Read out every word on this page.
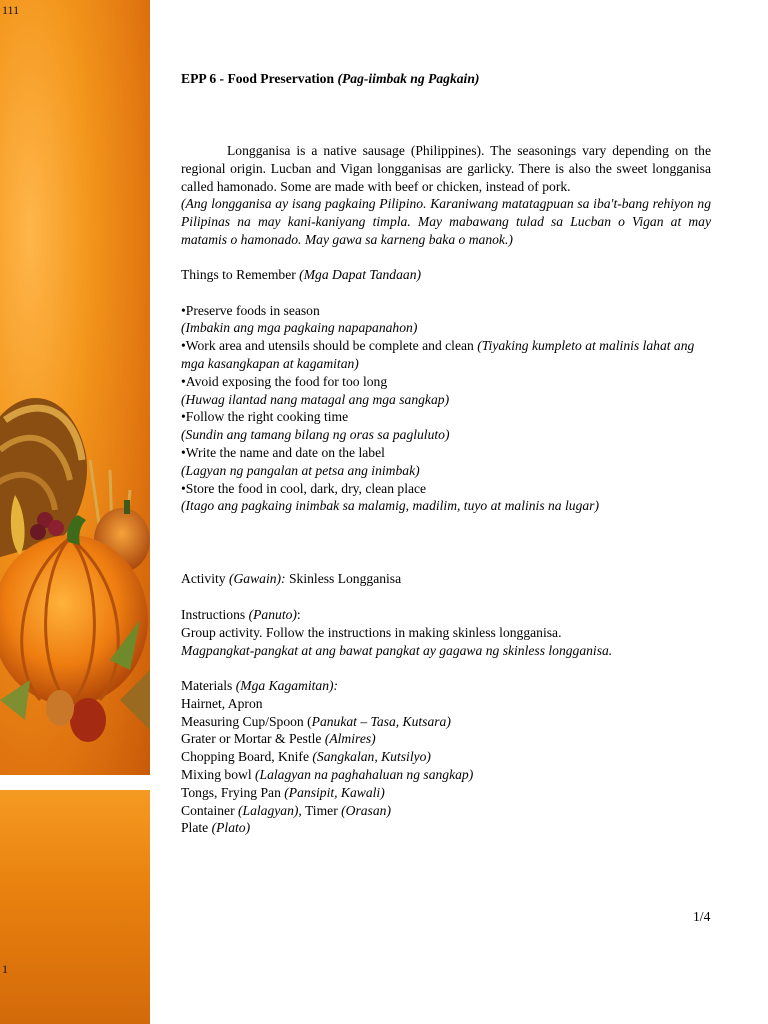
111
1
EPP 6 - Food Preservation (Pag-iimbak ng Pagkain)

Longganisa is a native sausage (Philippines). The seasonings vary depending on the regional origin. Lucban and Vigan longganisas are garlicky. There is also the sweet longganisa called hamonado. Some are made with beef or chicken, instead of pork.

(Ang longganisa ay isang pagkaing Pilipino. Karaniwang matatagpuan sa iba't-bang rehiyon ng Pilipinas na may kani-kaniyang timpla. May mabawang tulad sa Lucban o Vigan at may matamis o hamonado. May gawa sa karneng baka o manok.)

Things to Remember (Mga Dapat Tandaan)

•Preserve foods in season

(Imbakin ang mga pagkaing napapanahon)

•Work area and utensils should be complete and clean (Tiyaking kumpleto at malinis lahat ang mga kasangkapan at kagamitan)

•Avoid exposing the food for too long

(Huwag ilantad nang matagal ang mga sangkap)

•Follow the right cooking time

(Sundin ang tamang bilang ng oras sa pagluluto)

•Write the name and date on the label

(Lagyan ng pangalan at petsa ang inimbak)

•Store the food in cool, dark, dry, clean place

(Itago ang pagkaing inimbak sa malamig, madilim, tuyo at malinis na lugar)

Activity (Gawain): Skinless Longganisa

Instructions (Panuto):

Group activity. Follow the instructions in making skinless longganisa.

Magpangkat-pangkat at ang bawat pangkat ay gagawa ng skinless longganisa.

Materials (Mga Kagamitan):

Hairnet, Apron

Measuring Cup/Spoon (Panukat – Tasa, Kutsara)

Grater or Mortar & Pestle (Almires)

Chopping Board, Knife (Sangkalan, Kutsilyo)

Mixing bowl (Lalagyan na paghahaluan ng sangkap)

Tongs, Frying Pan (Pansipit, Kawali)

Container (Lalagyan), Timer (Orasan)

Plate (Plato)

1/4
